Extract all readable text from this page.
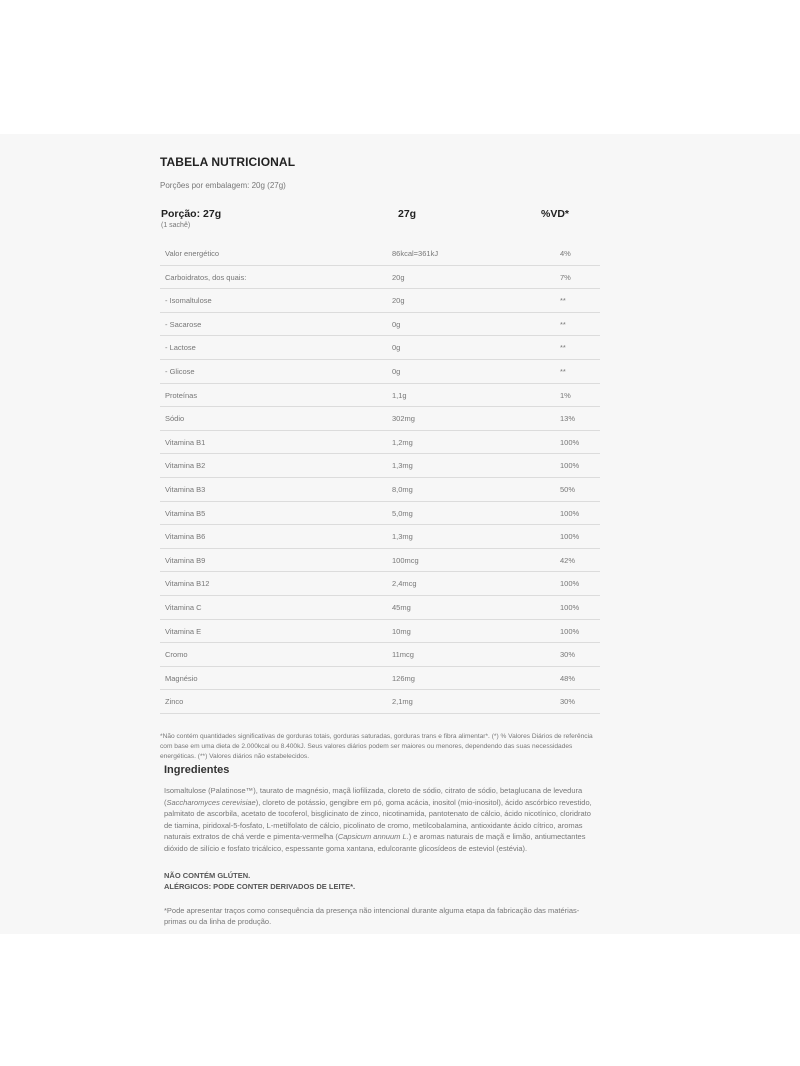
TABELA NUTRICIONAL
Porções por embalagem: 20g (27g)
Porção: 27g
(1 sachê)
27g	%VD*
Valor energético	86kcal=361kJ	4%
Carboidratos, dos quais:	20g	7%
- Isomaltulose	20g	**
- Sacarose	0g	**
- Lactose	0g	**
- Glicose	0g	**
Proteínas	1,1g	1%
Sódio	302mg	13%
Vitamina B1	1,2mg	100%
Vitamina B2	1,3mg	100%
Vitamina B3	8,0mg	50%
Vitamina B5	5,0mg	100%
Vitamina B6	1,3mg	100%
Vitamina B9	100mcg	42%
Vitamina B12	2,4mcg	100%
Vitamina C	45mg	100%
Vitamina E	10mg	100%
Cromo	11mcg	30%
Magnésio	126mg	48%
Zinco	2,1mg	30%
*Não contém quantidades significativas de gorduras totais, gorduras saturadas, gorduras trans e fibra alimentar*. (*) % Valores Diários de referência com base em uma dieta de 2.000kcal ou 8.400kJ. Seus valores diários podem ser maiores ou menores, dependendo das suas necessidades energéticas. (**) Valores diários não estabelecidos.
Ingredientes
Isomaltulose (Palatinose™), taurato de magnésio, maçã liofilizada, cloreto de sódio, citrato de sódio, betaglucana de levedura (Saccharomyces cerevisiae), cloreto de potássio, gengibre em pó, goma acácia, inositol (mio-inositol), ácido ascórbico revestido, palmitato de ascorbila, acetato de tocoferol, bisglicinato de zinco, nicotinamida, pantotenato de cálcio, ácido nicotínico, cloridrato de tiamina, piridoxal-5-fosfato, L-metilfolato de cálcio, picolinato de cromo, metilcobalamina, antioxidante ácido cítrico, aromas naturais extratos de chá verde e pimenta-vermelha (Capsicum annuum L.) e aromas naturais de maçã e limão, antiumectantes dióxido de silício e fosfato tricálcico, espessante goma xantana, edulcorante glicosídeos de esteviol (estévia).
NÃO CONTÉM GLÚTEN.
ALÉRGICOS: PODE CONTER DERIVADOS DE LEITE*.
*Pode apresentar traços como consequência da presença não intencional durante alguma etapa da fabricação das matérias-primas ou da linha de produção.
